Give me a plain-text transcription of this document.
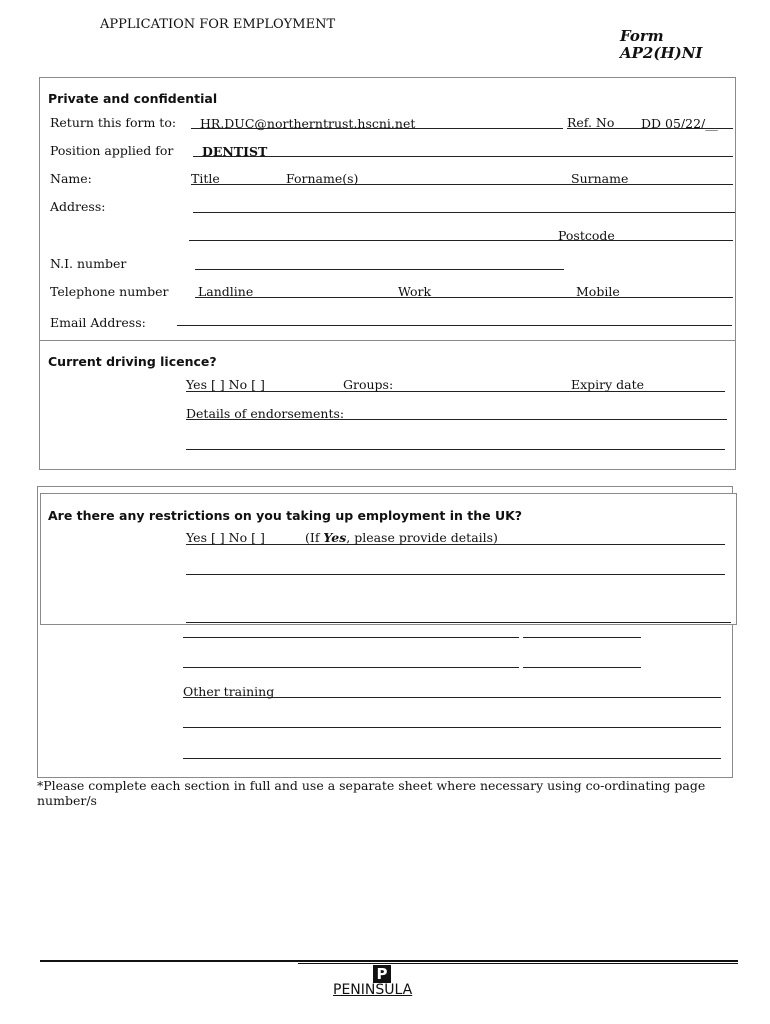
APPLICATION FOR EMPLOYMENT
Form
AP2(H)NI
Private and confidential
Return this form to: HR.DUC@northerntrust.hscni.net	Ref. No DD 05/22/__
Position applied for DENTIST
Name:	Title	Forname(s)	Surname
Address:
Postcode
N.I. number
Telephone number Landline	Work	Mobile
Email Address:
Current driving licence?
Yes [ ] No [ ]	Groups:	Expiry date
Details of endorsements:
Other training
Are there any restrictions on you taking up employment in the UK?
Yes [ ] No [ ]	(If Yes, please provide details)
*Please complete each section in full and use a separate sheet where necessary using co-ordinating page number/s
P
PENINSULA
